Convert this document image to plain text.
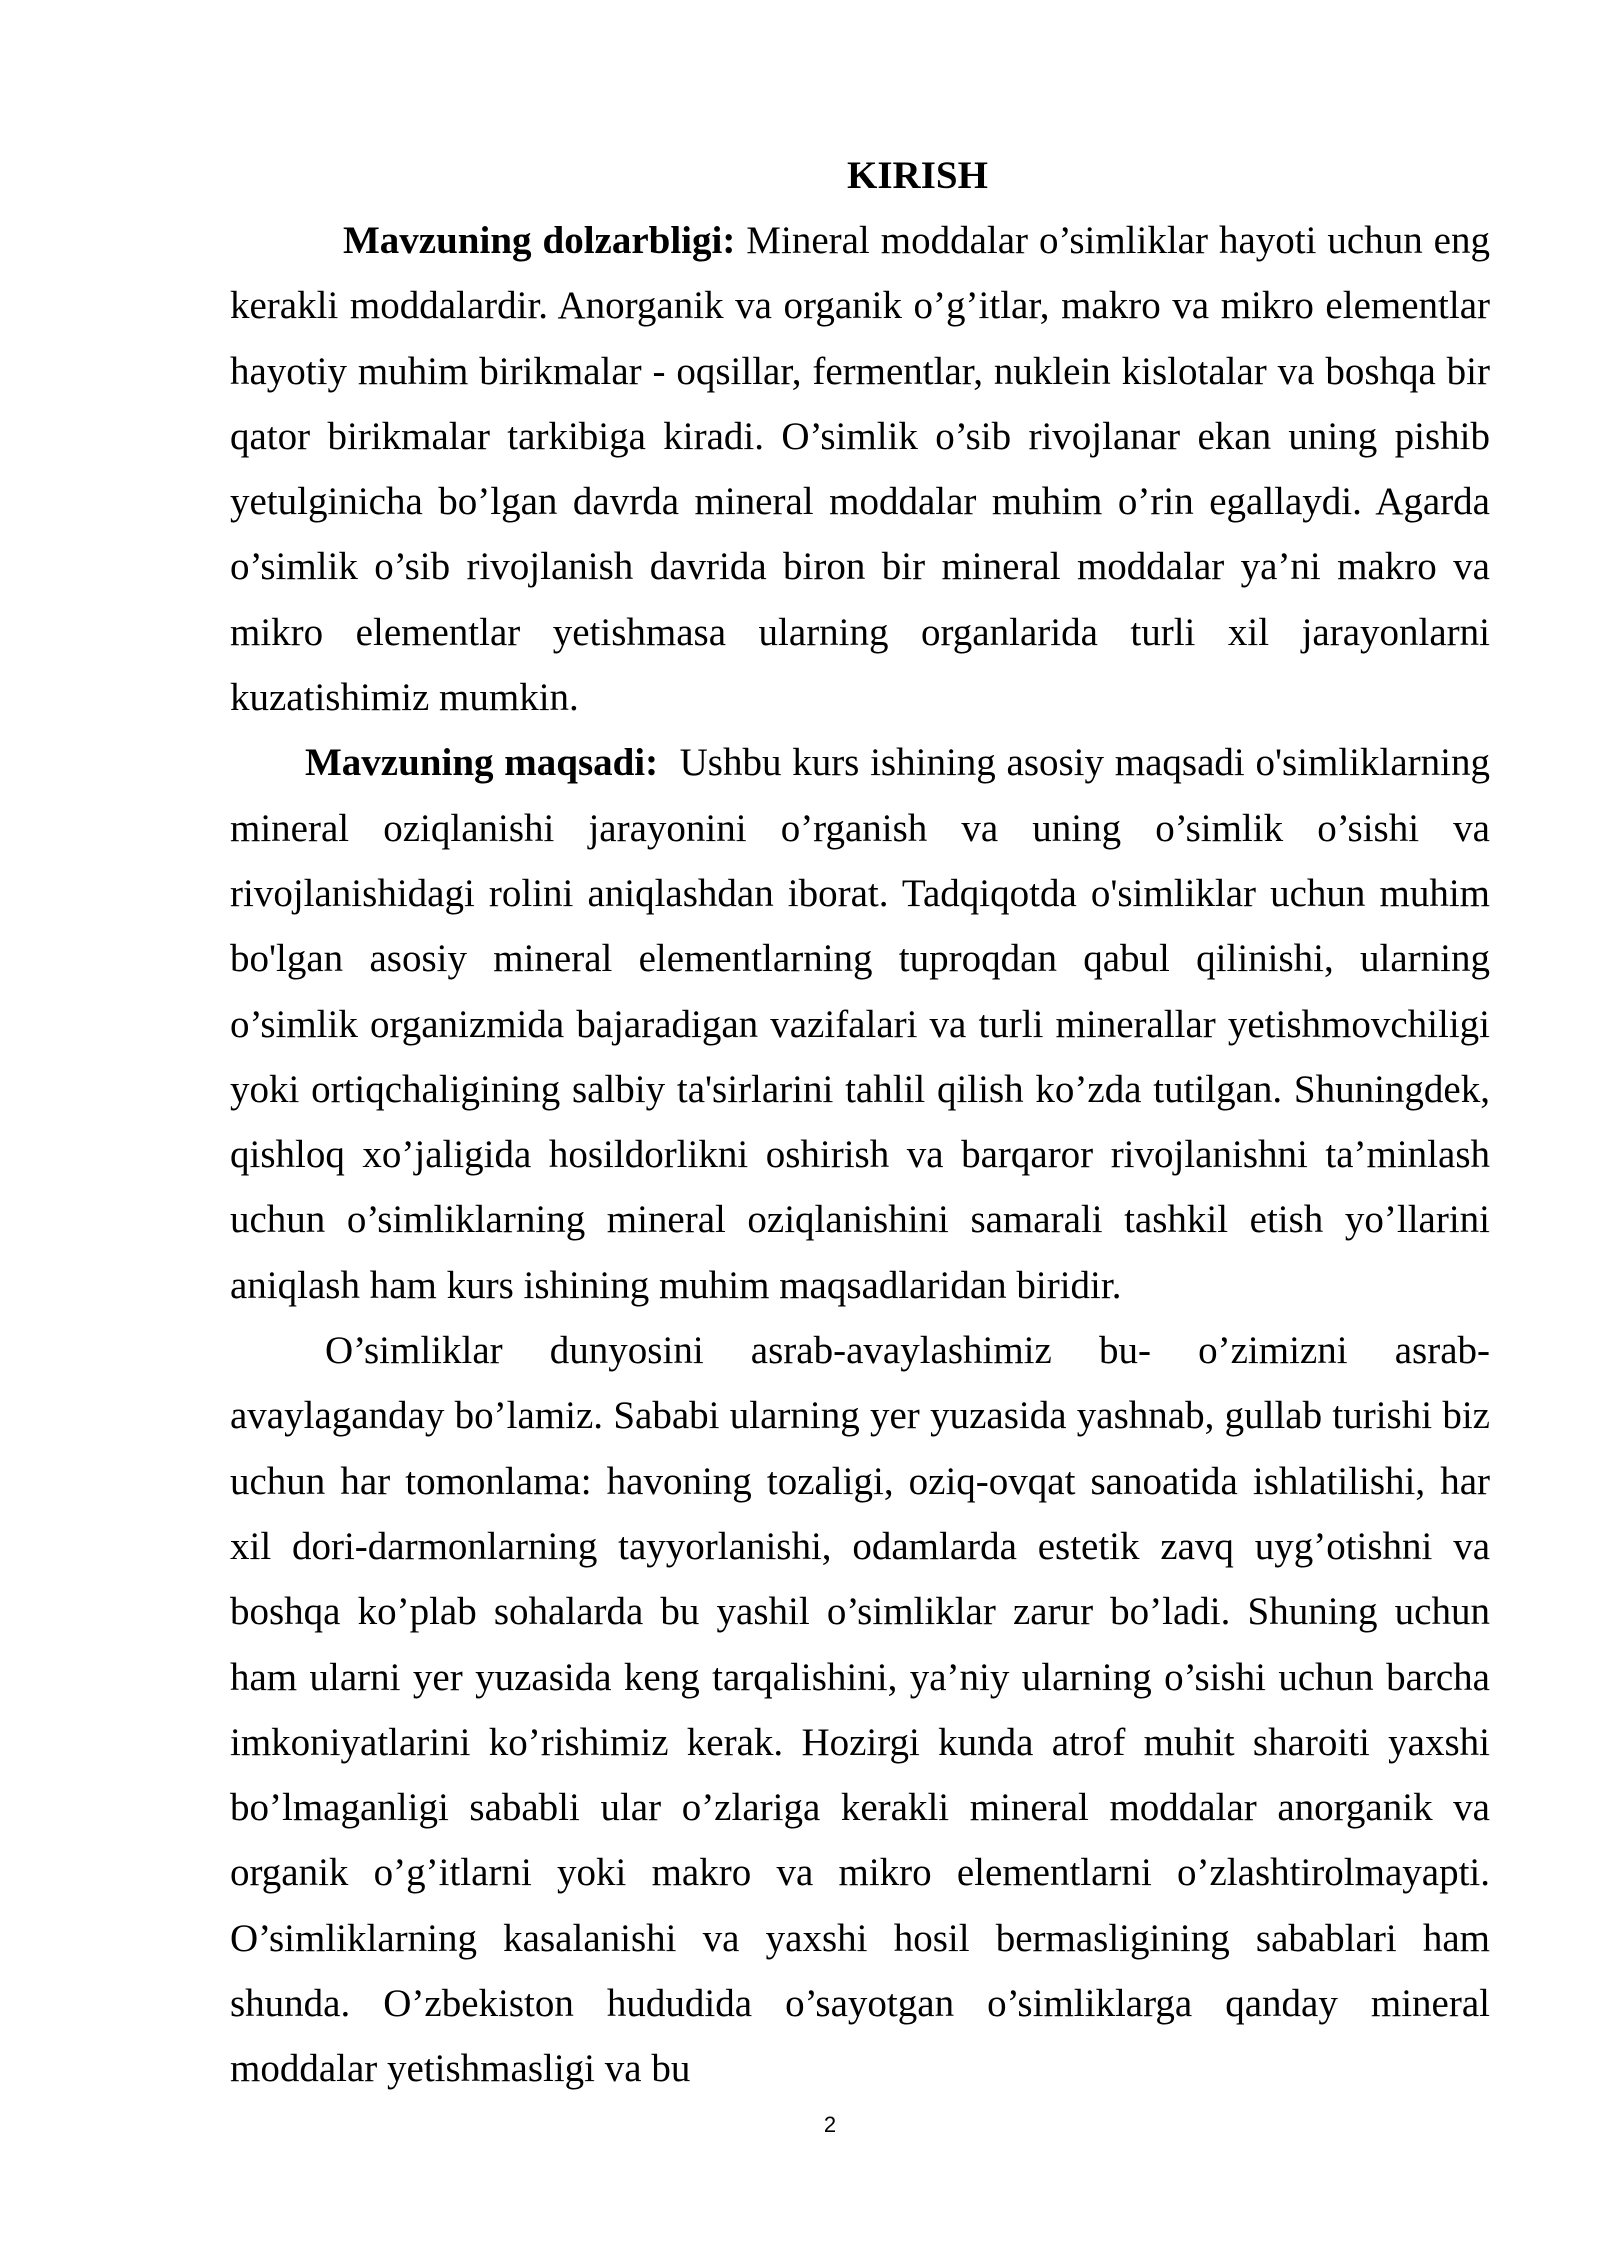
KIRISH

Mavzuning dolzarbligi: Mineral moddalar o’simliklar hayoti uchun eng kerakli moddalardir. Anorganik va organik o’g’itlar, makro va mikro elementlar hayotiy muhim birikmalar - oqsillar, fermentlar, nuklein kislotalar va boshqa bir qator birikmalar tarkibiga kiradi. O’simlik o’sib rivojlanar ekan uning pishib yetulginicha bo’lgan davrda mineral moddalar muhim o’rin egallaydi. Agarda o’simlik o’sib rivojlanish davrida biron bir mineral moddalar ya’ni makro va mikro elementlar yetishmasa ularning organlarida turli xil jarayonlarni kuzatishimiz mumkin.

Mavzuning maqsadi:  Ushbu kurs ishining asosiy maqsadi o'simliklarning mineral oziqlanishi jarayonini o’rganish va uning o’simlik o’sishi va rivojlanishidagi rolini aniqlashdan iborat. Tadqiqotda o'simliklar uchun muhim bo'lgan asosiy mineral elementlarning tuproqdan qabul qilinishi, ularning o’simlik organizmida bajaradigan vazifalari va turli minerallar yetishmovchiligi yoki ortiqchaligining salbiy ta'sirlarini tahlil qilish ko’zda tutilgan. Shuningdek, qishloq xo’jaligida hosildorlikni oshirish va barqaror rivojlanishni ta’minlash uchun o’simliklarning mineral oziqlanishini samarali tashkil etish yo’llarini aniqlash ham kurs ishining muhim maqsadlaridan biridir.

O’simliklar dunyosini asrab-avaylashimiz bu- o’zimizni asrab-avaylaganday bo’lamiz. Sababi ularning yer yuzasida yashnab, gullab turishi biz uchun har tomonlama: havoning tozaligi, oziq-ovqat sanoatida ishlatilishi, har xil dori-darmonlarning tayyorlanishi, odamlarda estetik zavq uyg’otishni va boshqa ko’plab sohalarda bu yashil o’simliklar zarur bo’ladi. Shuning uchun ham ularni yer yuzasida keng tarqalishini, ya’niy ularning o’sishi uchun barcha imkoniyatlarini ko’rishimiz kerak. Hozirgi kunda atrof muhit sharoiti yaxshi bo’lmaganligi sababli ular o’zlariga kerakli mineral moddalar anorganik va organik o’g’itlarni yoki makro va mikro elementlarni o’zlashtirolmayapti. O’simliklarning kasalanishi va yaxshi hosil bermasligining sabablari ham shunda. O’zbekiston hududida o’sayotgan o’simliklarga qanday mineral moddalar yetishmasligi va bu

2
